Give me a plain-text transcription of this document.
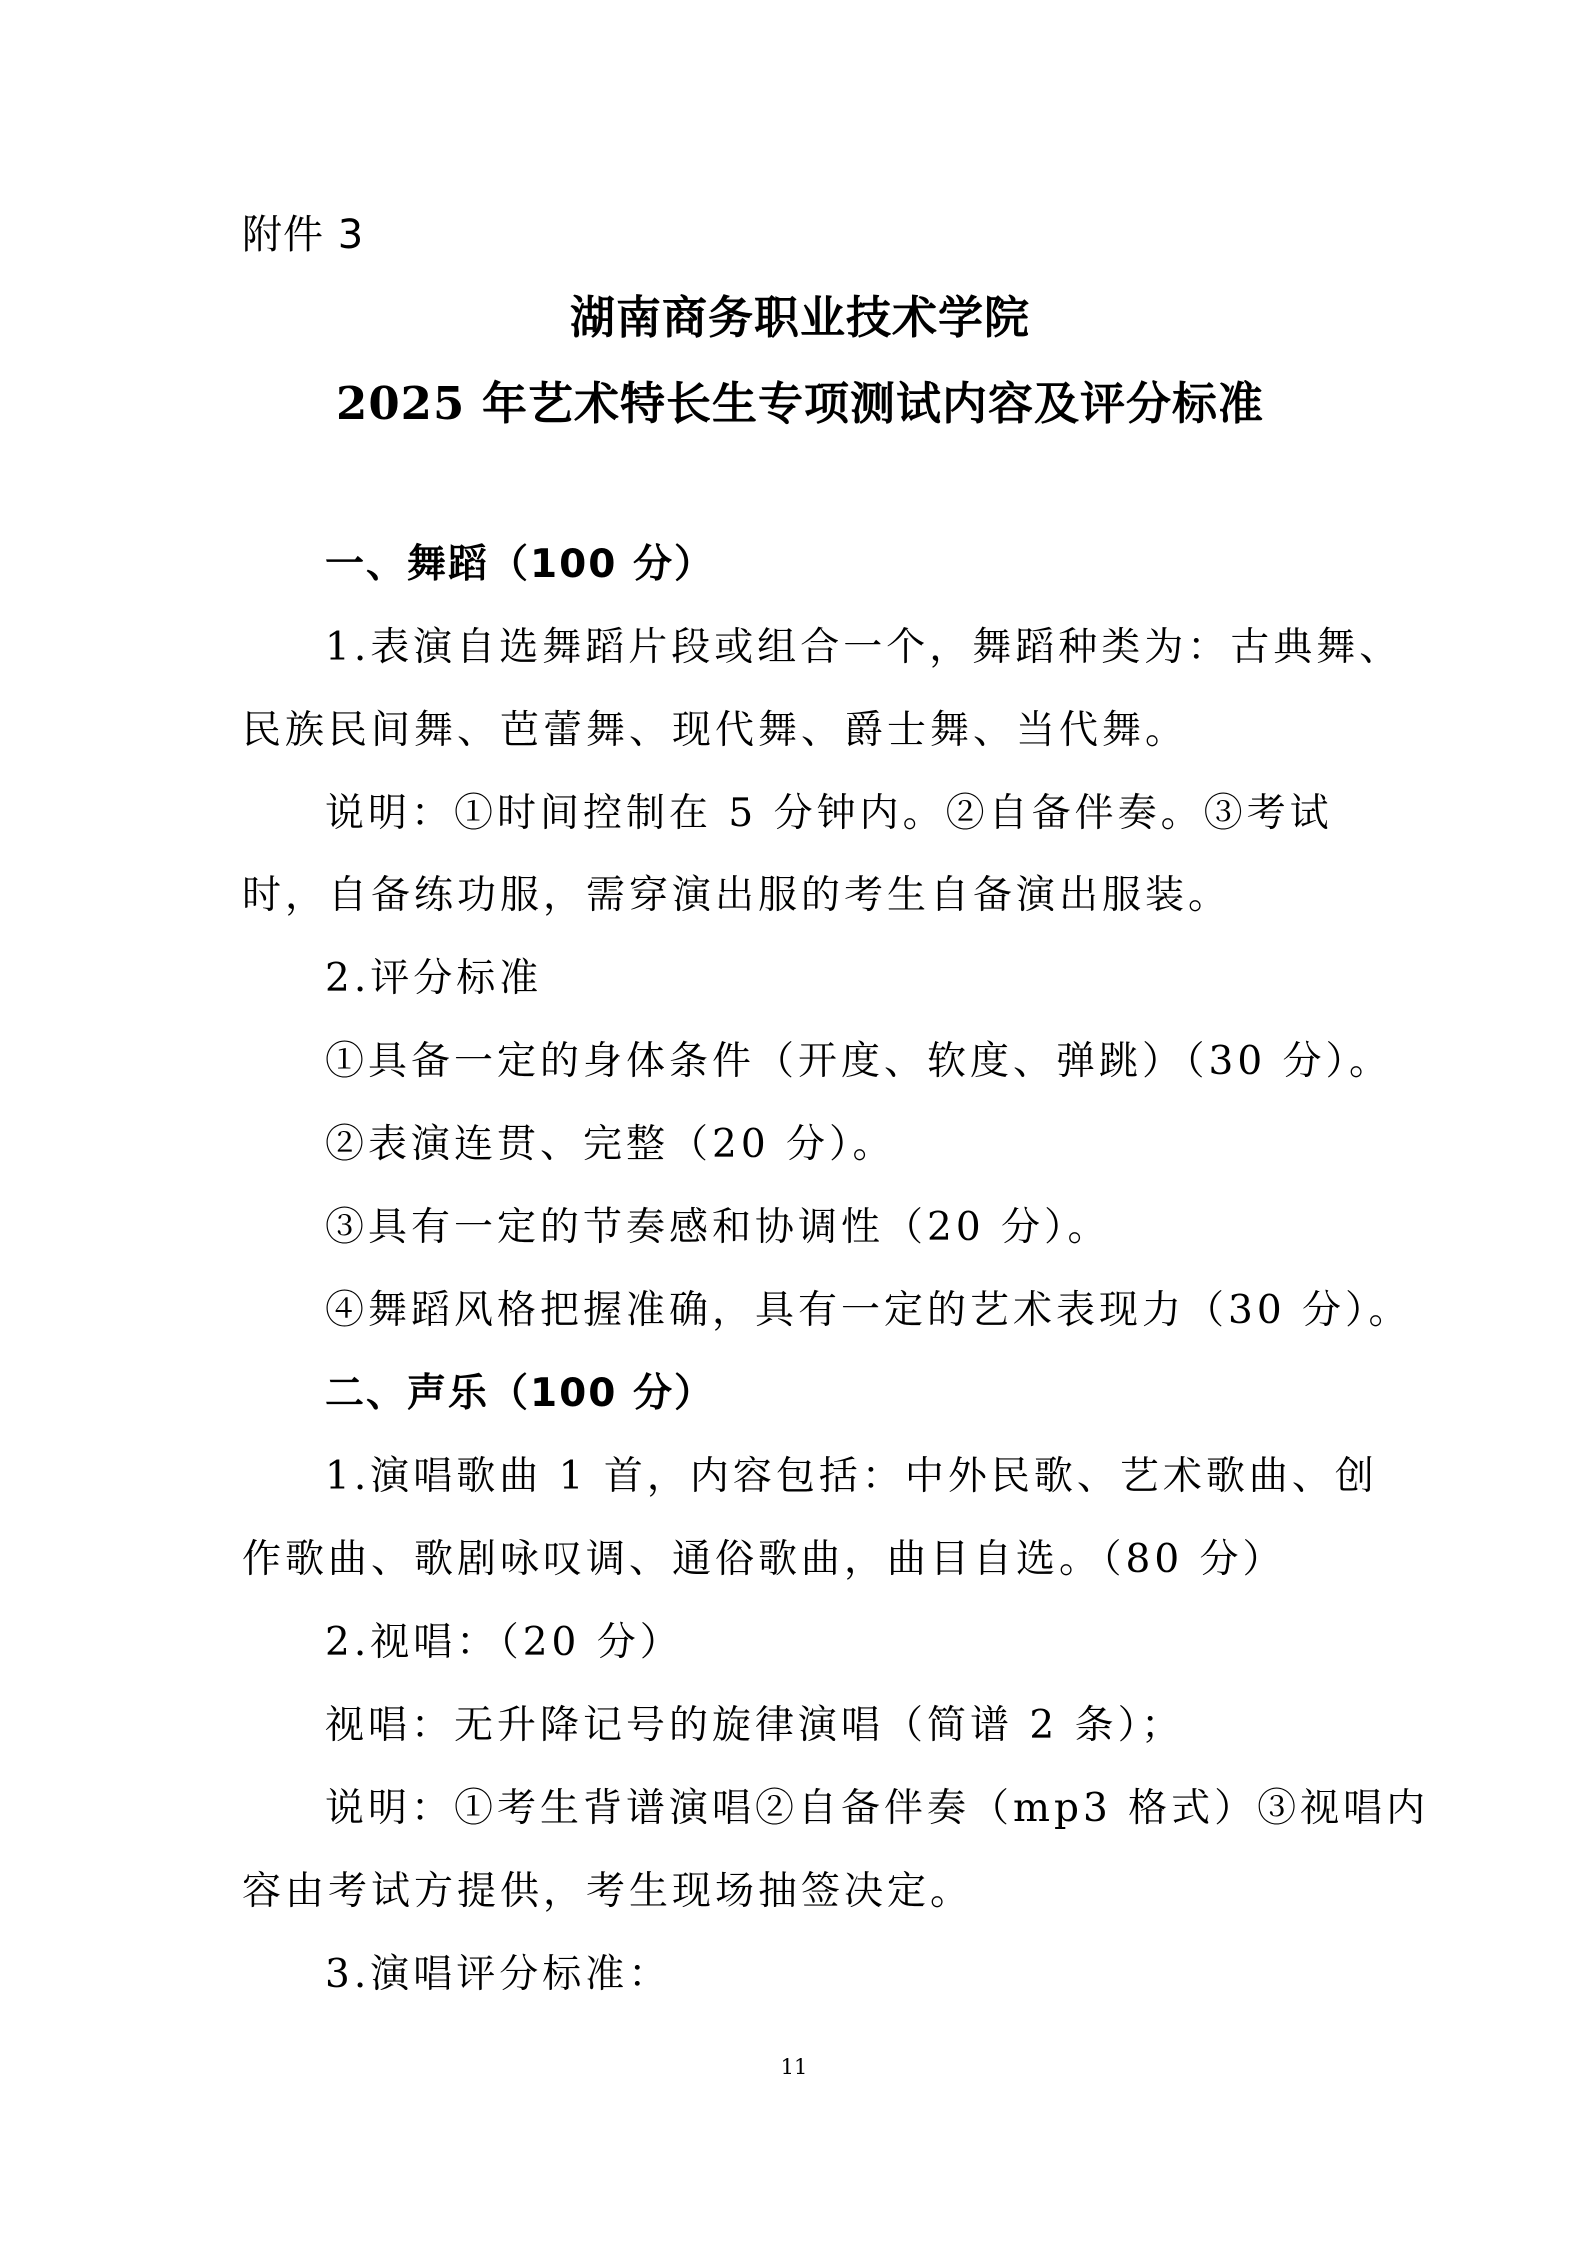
附件 3
湖南商务职业技术学院
2025 年艺术特长生专项测试内容及评分标准
一、舞蹈（100 分）
1.表演自选舞蹈片段或组合一个，舞蹈种类为：古典舞、
民族民间舞、芭蕾舞、现代舞、爵士舞、当代舞。
说明：①时间控制在 5 分钟内。②自备伴奏。③考试
时，自备练功服，需穿演出服的考生自备演出服装。
2.评分标准
①具备一定的身体条件（开度、软度、弹跳）（30 分）。
②表演连贯、完整（20 分）。
③具有一定的节奏感和协调性（20 分）。
④舞蹈风格把握准确，具有一定的艺术表现力（30 分）。
二、声乐（100 分）
1.演唱歌曲 1 首，内容包括：中外民歌、艺术歌曲、创
作歌曲、歌剧咏叹调、通俗歌曲，曲目自选。（80 分）
2.视唱：（20 分）
视唱：无升降记号的旋律演唱（简谱 2 条）；
说明：①考生背谱演唱②自备伴奏（mp3 格式）③视唱内
容由考试方提供，考生现场抽签决定。
3.演唱评分标准：
11
